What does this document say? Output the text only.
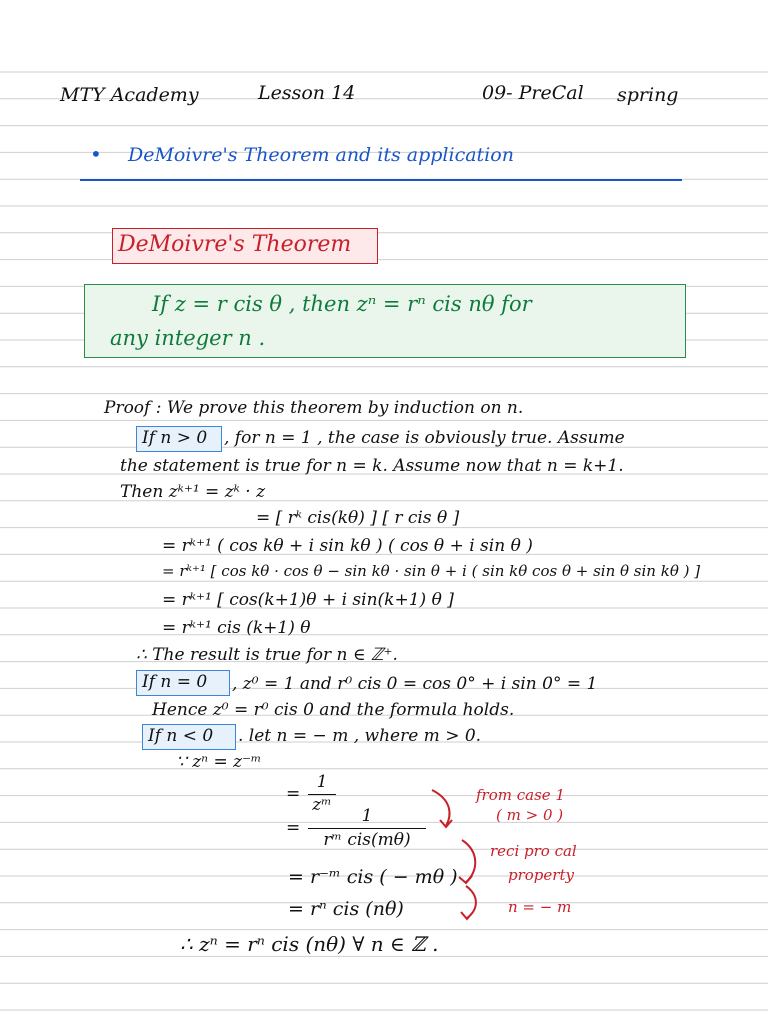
MTY Academy	Lesson 14	09- PreCal spring
• DeMoivre's Theorem and its application
DeMoivre's Theorem
If z = r cis θ , then zⁿ = rⁿ cis nθ for
any integer n .
Proof : We prove this theorem by induction on n.
If n > 0 , for n = 1 , the case is obviously true. Assume
the statement is true for n = k. Assume now that n = k+1.
Then zᵏ⁺¹ = zᵏ · z
= [ rᵏ cis(kθ) ] [ r cis θ ]
= rᵏ⁺¹ ( cos kθ + i sin kθ ) ( cos θ + i sin θ )
= rᵏ⁺¹ [ cos kθ · cos θ − sin kθ · sin θ + i ( sin kθ cos θ + sin θ sin kθ ) ]
= rᵏ⁺¹ [ cos(k+1)θ + i sin(k+1) θ ]
= rᵏ⁺¹ cis (k+1) θ
∴ The result is true for n ∈ ℤ⁺.
If n = 0 , z⁰ = 1 and r⁰ cis 0 = cos 0° + i sin 0° = 1
Hence z⁰ = r⁰ cis 0 and the formula holds.
If n < 0 . let n = − m , where m > 0.
∵ zⁿ = z⁻ᵐ
=
1
zᵐ
=
1
rᵐ cis(mθ)
= r⁻ᵐ cis ( − mθ )
= rⁿ cis (nθ)
∴ zⁿ = rⁿ cis (nθ) ∀ n ∈ ℤ .
from case 1
( m > 0 )
reci pro cal
property
n = − m
